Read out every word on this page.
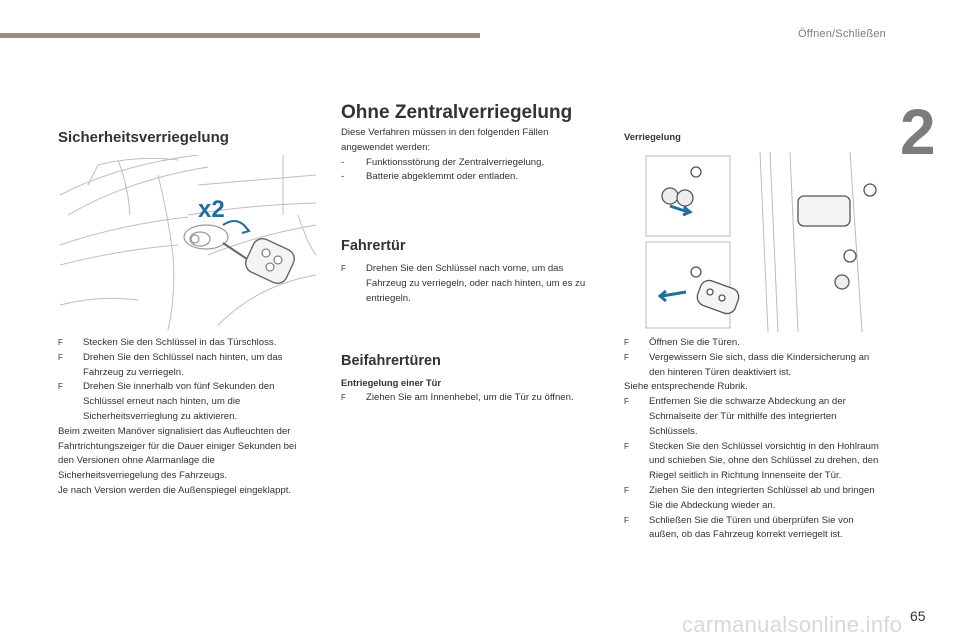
Öffnen/Schließen
2
65
carmanualsonline.info
Sicherheitsverriegelung
x2
F Stecken Sie den Schlüssel in das Türschloss.
F Drehen Sie den Schlüssel nach hinten, um das Fahrzeug zu verriegeln.
F Drehen Sie innerhalb von fünf Sekunden den Schlüssel erneut nach hinten, um die Sicherheitsverrieglung zu aktivieren.
Beim zweiten Manöver signalisiert das Aufleuchten der Fahrtrichtungszeiger für die Dauer einiger Sekunden bei den Versionen ohne Alarmanlage die Sicherheitsverriegelung des Fahrzeugs.
Je nach Version werden die Außenspiegel eingeklappt.
Ohne Zentralverriegelung
Diese Verfahren müssen in den folgenden Fällen angewendet werden:
- Funktionsstörung der Zentralverriegelung,
- Batterie abgeklemmt oder entladen.
Fahrertür
F Drehen Sie den Schlüssel nach vorne, um das Fahrzeug zu verriegeln, oder nach hinten, um es zu entriegeln.
Beifahrertüren
Entriegelung einer Tür
F Ziehen Sie am Innenhebel, um die Tür zu öffnen.
Verriegelung
F Öffnen Sie die Türen.
F Vergewissern Sie sich, dass die Kindersicherung an den hinteren Türen deaktiviert ist.
Siehe entsprechende Rubrik.
F Entfernen Sie die schwarze Abdeckung an der Schmalseite der Tür mithilfe des integrierten Schlüssels.
F Stecken Sie den Schlüssel vorsichtig in den Hohlraum und schieben Sie, ohne den Schlüssel zu drehen, den Riegel seitlich in Richtung Innenseite der Tür.
F Ziehen Sie den integrierten Schlüssel ab und bringen Sie die Abdeckung wieder an.
F Schließen Sie die Türen und überprüfen Sie von außen, ob das Fahrzeug korrekt verriegelt ist.
